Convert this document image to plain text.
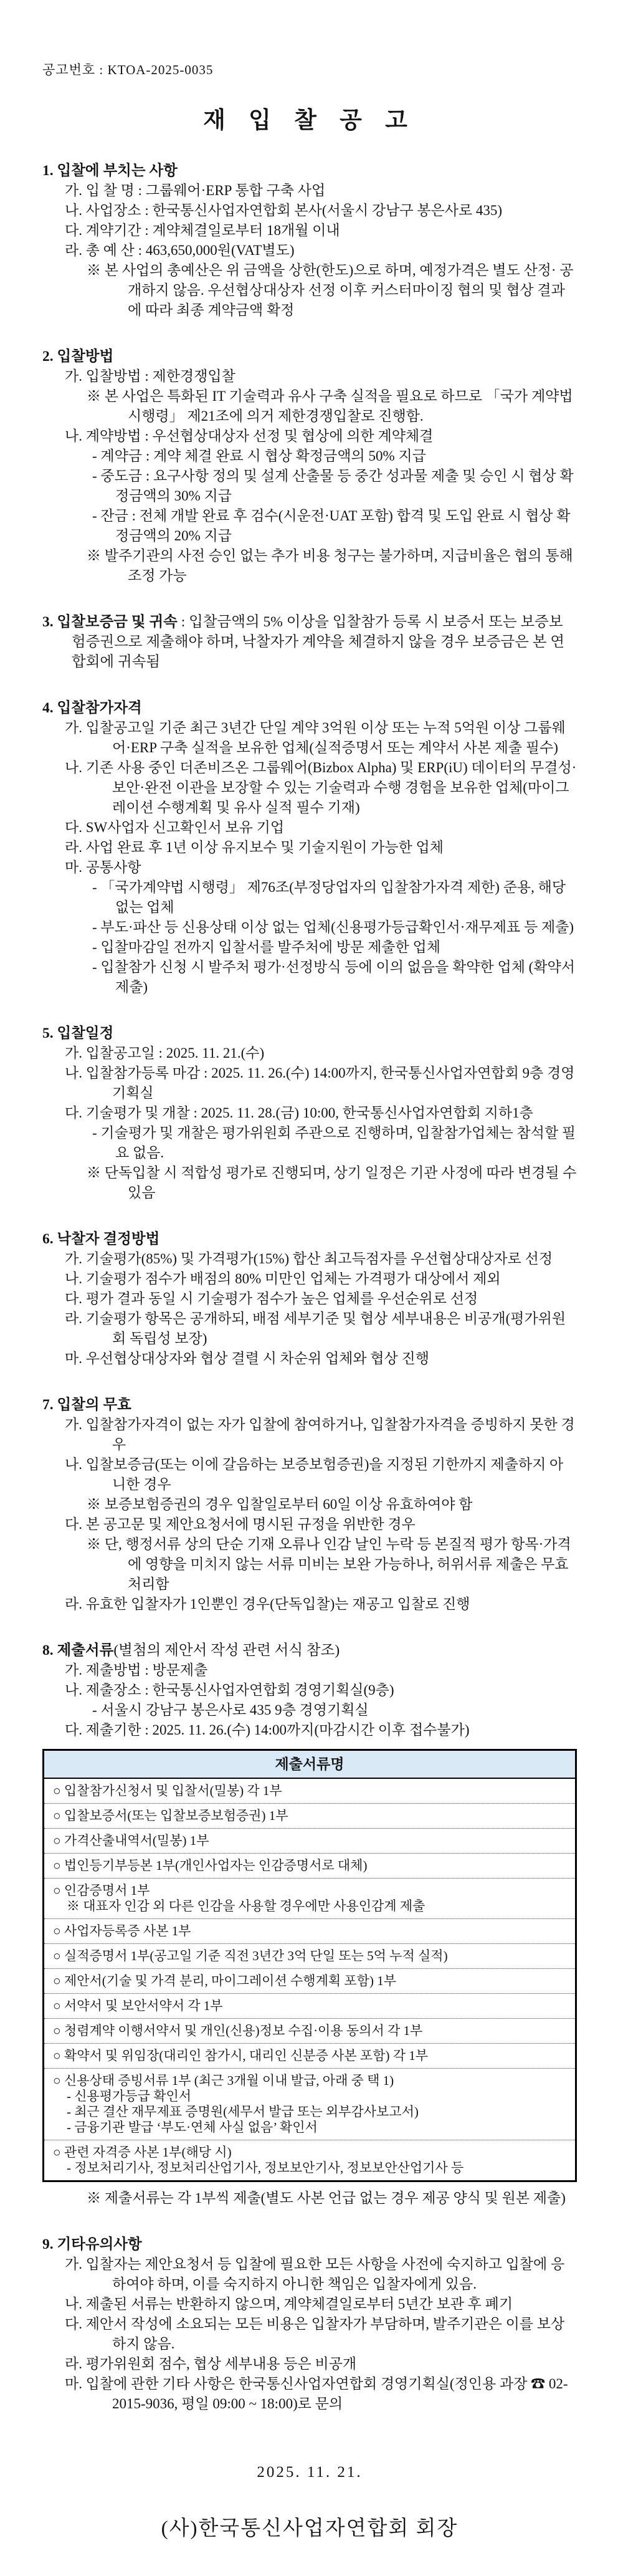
공고번호 : KTOA-2025-0035
재 입 찰 공 고
1. 입찰에 부치는 사항
가. 입 찰 명 : 그룹웨어·ERP 통합 구축 사업
나. 사업장소 : 한국통신사업자연합회 본사(서울시 강남구 봉은사로 435)
다. 계약기간 : 계약체결일로부터 18개월 이내
라. 총 예 산 : 463,650,000원(VAT별도)
※ 본 사업의 총예산은 위 금액을 상한(한도)으로 하며, 예정가격은 별도 산정· 공개하지 않음. 우선협상대상자 선정 이후 커스터마이징 협의 및 협상 결과에 따라 최종 계약금액 확정
2. 입찰방법
가. 입찰방법 : 제한경쟁입찰
※ 본 사업은 특화된 IT 기술력과 유사 구축 실적을 필요로 하므로 「국가 계약법 시행령」 제21조에 의거 제한경쟁입찰로 진행함.
나. 계약방법 : 우선협상대상자 선정 및 협상에 의한 계약체결
- 계약금 : 계약 체결 완료 시 협상 확정금액의 50% 지급
- 중도금 : 요구사항 정의 및 설계 산출물 등 중간 성과물 제출 및 승인 시 협상 확정금액의 30% 지급
- 잔금 : 전체 개발 완료 후 검수(시운전·UAT 포함) 합격 및 도입 완료 시 협상 확정금액의 20% 지급
※ 발주기관의 사전 승인 없는 추가 비용 청구는 불가하며, 지급비율은 협의 통해 조정 가능
3. 입찰보증금 및 귀속 : 입찰금액의 5% 이상을 입찰참가 등록 시 보증서 또는 보증보험증권으로 제출해야 하며, 낙찰자가 계약을 체결하지 않을 경우 보증금은 본 연합회에 귀속됨
4. 입찰참가자격
가. 입찰공고일 기준 최근 3년간 단일 계약 3억원 이상 또는 누적 5억원 이상 그룹웨어·ERP 구축 실적을 보유한 업체(실적증명서 또는 계약서 사본 제출 필수)
나. 기존 사용 중인 더존비즈온 그룹웨어(Bizbox Alpha) 및 ERP(iU) 데이터의 무결성·보안·완전 이관을 보장할 수 있는 기술력과 수행 경험을 보유한 업체(마이그레이션 수행계획 및 유사 실적 필수 기재)
다. SW사업자 신고확인서 보유 기업
라. 사업 완료 후 1년 이상 유지보수 및 기술지원이 가능한 업체
마. 공통사항
- 「국가계약법 시행령」 제76조(부정당업자의 입찰참가자격 제한) 준용, 해당 없는 업체
- 부도·파산 등 신용상태 이상 없는 업체(신용평가등급확인서·재무제표 등 제출)
- 입찰마감일 전까지 입찰서를 발주처에 방문 제출한 업체
- 입찰참가 신청 시 발주처 평가·선정방식 등에 이의 없음을 확약한 업체 (확약서 제출)
5. 입찰일정
가. 입찰공고일 : 2025. 11. 21.(수)
나. 입찰참가등록 마감 : 2025. 11. 26.(수) 14:00까지, 한국통신사업자연합회 9층 경영기획실
다. 기술평가 및 개찰 : 2025. 11. 28.(금) 10:00, 한국통신사업자연합회 지하1층
- 기술평가 및 개찰은 평가위원회 주관으로 진행하며, 입찰참가업체는 참석할 필요 없음.
※ 단독입찰 시 적합성 평가로 진행되며, 상기 일정은 기관 사정에 따라 변경될 수 있음
6. 낙찰자 결정방법
가. 기술평가(85%) 및 가격평가(15%) 합산 최고득점자를 우선협상대상자로 선정
나. 기술평가 점수가 배점의 80% 미만인 업체는 가격평가 대상에서 제외
다. 평가 결과 동일 시 기술평가 점수가 높은 업체를 우선순위로 선정
라. 기술평가 항목은 공개하되, 배점 세부기준 및 협상 세부내용은 비공개(평가위원회 독립성 보장)
마. 우선협상대상자와 협상 결렬 시 차순위 업체와 협상 진행
7. 입찰의 무효
가. 입찰참가자격이 없는 자가 입찰에 참여하거나, 입찰참가자격을 증빙하지 못한 경우
나. 입찰보증금(또는 이에 갈음하는 보증보험증권)을 지정된 기한까지 제출하지 아니한 경우
※ 보증보험증권의 경우 입찰일로부터 60일 이상 유효하여야 함
다. 본 공고문 및 제안요청서에 명시된 규정을 위반한 경우
※ 단, 행정서류 상의 단순 기재 오류나 인감 날인 누락 등 본질적 평가 항목·가격에 영향을 미치지 않는 서류 미비는 보완 가능하나, 허위서류 제출은 무효 처리함
라. 유효한 입찰자가 1인뿐인 경우(단독입찰)는 재공고 입찰로 진행
8. 제출서류(별첨의 제안서 작성 관련 서식 참조)
가. 제출방법 : 방문제출
나. 제출장소 : 한국통신사업자연합회 경영기획실(9층)
- 서울시 강남구 봉은사로 435 9층 경영기획실
다. 제출기한 : 2025. 11. 26.(수) 14:00까지(마감시간 이후 접수불가)
제출서류명

○ 입찰참가신청서 및 입찰서(밀봉) 각 1부

○ 입찰보증서(또는 입찰보증보험증권) 1부

○ 가격산출내역서(밀봉) 1부

○ 법인등기부등본 1부(개인사업자는 인감증명서로 대체)

○ 인감증명서 1부
※ 대표자 인감 외 다른 인감을 사용할 경우에만 사용인감계 제출

○ 사업자등록증 사본 1부

○ 실적증명서 1부(공고일 기준 직전 3년간 3억 단일 또는 5억 누적 실적)

○ 제안서(기술 및 가격 분리, 마이그레이션 수행계획 포함) 1부

○ 서약서 및 보안서약서 각 1부

○ 청렴계약 이행서약서 및 개인(신용)정보 수집·이용 동의서 각 1부

○ 확약서 및 위임장(대리인 참가시, 대리인 신분증 사본 포함) 각 1부

○ 신용상태 증빙서류 1부 (최근 3개월 이내 발급, 아래 중 택 1)
- 신용평가등급 확인서
- 최근 결산 재무제표 증명원(세무서 발급 또는 외부감사보고서)
- 금융기관 발급 ‘부도·연체 사실 없음’ 확인서

○ 관련 자격증 사본 1부(해당 시)
- 정보처리기사, 정보처리산업기사, 정보보안기사, 정보보안산업기사 등
※ 제출서류는 각 1부씩 제출(별도 사본 언급 없는 경우 제공 양식 및 원본 제출)
9. 기타유의사항
가. 입찰자는 제안요청서 등 입찰에 필요한 모든 사항을 사전에 숙지하고 입찰에 응하여야 하며, 이를 숙지하지 아니한 책임은 입찰자에게 있음.
나. 제출된 서류는 반환하지 않으며, 계약체결일로부터 5년간 보관 후 폐기
다. 제안서 작성에 소요되는 모든 비용은 입찰자가 부담하며, 발주기관은 이를 보상하지 않음.
라. 평가위원회 점수, 협상 세부내용 등은 비공개
마. 입찰에 관한 기타 사항은 한국통신사업자연합회 경영기획실(정인용 과장 ☎ 02-2015-9036, 평일 09:00 ~ 18:00)로 문의
2025. 11. 21.
(사)한국통신사업자연합회 회장
